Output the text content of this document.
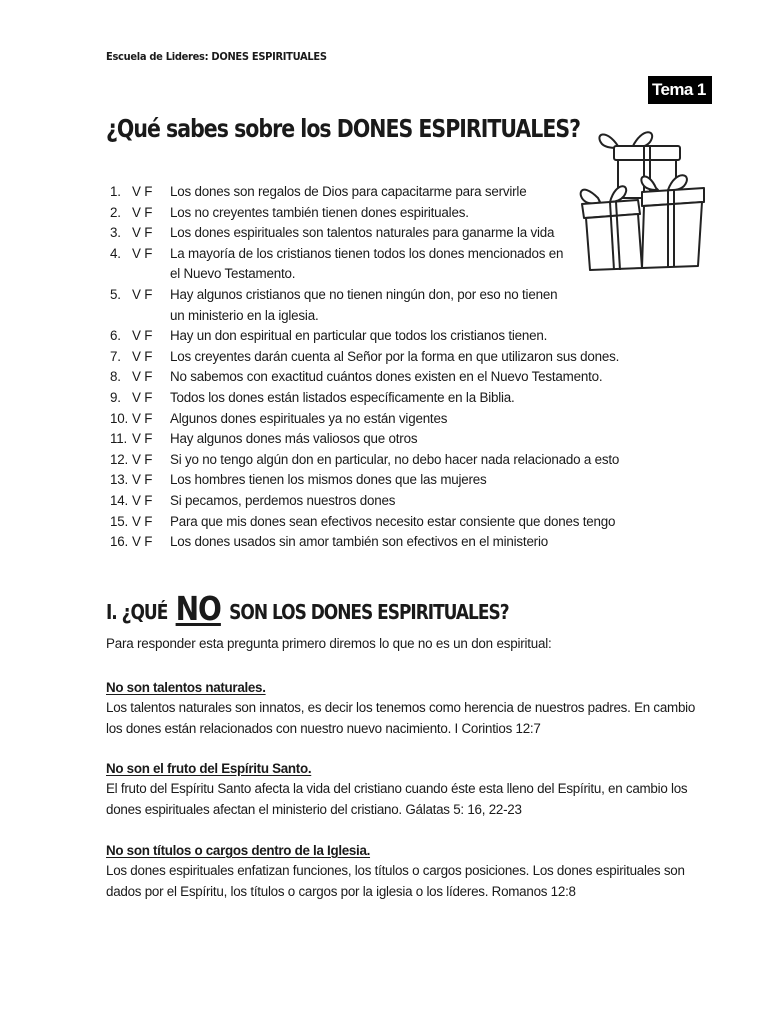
Escuela de Lideres: DONES ESPIRITUALES
Tema 1
¿Qué sabes sobre los DONES ESPIRITUALES?
1. V F	Los dones son regalos de Dios para capacitarme para servirle
2. V F	Los no creyentes también tienen dones espirituales.
3. V F	Los dones espirituales son talentos naturales para ganarme la vida
4. V F	La mayoría de los cristianos tienen todos los dones mencionados en el Nuevo Testamento.
5. V F	Hay algunos cristianos que no tienen ningún don, por eso no tienen un ministerio en la iglesia.
6. V F	Hay un don espiritual en particular que todos los cristianos tienen.
7. V F	Los creyentes darán cuenta al Señor por la forma en que utilizaron sus dones.
8. V F	No sabemos con exactitud cuántos dones existen en el Nuevo Testamento.
9. V F	Todos los dones están listados específicamente en la Biblia.
10. V F	Algunos dones espirituales ya no están vigentes
11. V F	Hay algunos dones más valiosos que otros
12. V F	Si yo no tengo algún don en particular, no debo hacer nada relacionado a esto
13. V F	Los hombres tienen los mismos dones que las mujeres
14. V F	Si pecamos, perdemos nuestros dones
15. V F	Para que mis dones sean efectivos necesito estar consiente que dones tengo
16. V F	Los dones usados sin amor también son efectivos en el ministerio
I. ¿QUÉ NO SON LOS DONES ESPIRITUALES?

Para responder esta pregunta primero diremos lo que no es un don espiritual:

No son talentos naturales.

Los talentos naturales son innatos, es decir los tenemos como herencia de nuestros padres. En cambio los dones están relacionados con nuestro nuevo nacimiento. I Corintios 12:7

No son el fruto del Espíritu Santo.

El fruto del Espíritu Santo afecta la vida del cristiano cuando éste esta lleno del Espíritu, en cambio los dones espirituales afectan el ministerio del cristiano. Gálatas 5: 16, 22-23

No son títulos o cargos dentro de la Iglesia.

Los dones espirituales enfatizan funciones, los títulos o cargos posiciones. Los dones espirituales son dados por el Espíritu, los títulos o cargos por la iglesia o los líderes. Romanos 12:8
